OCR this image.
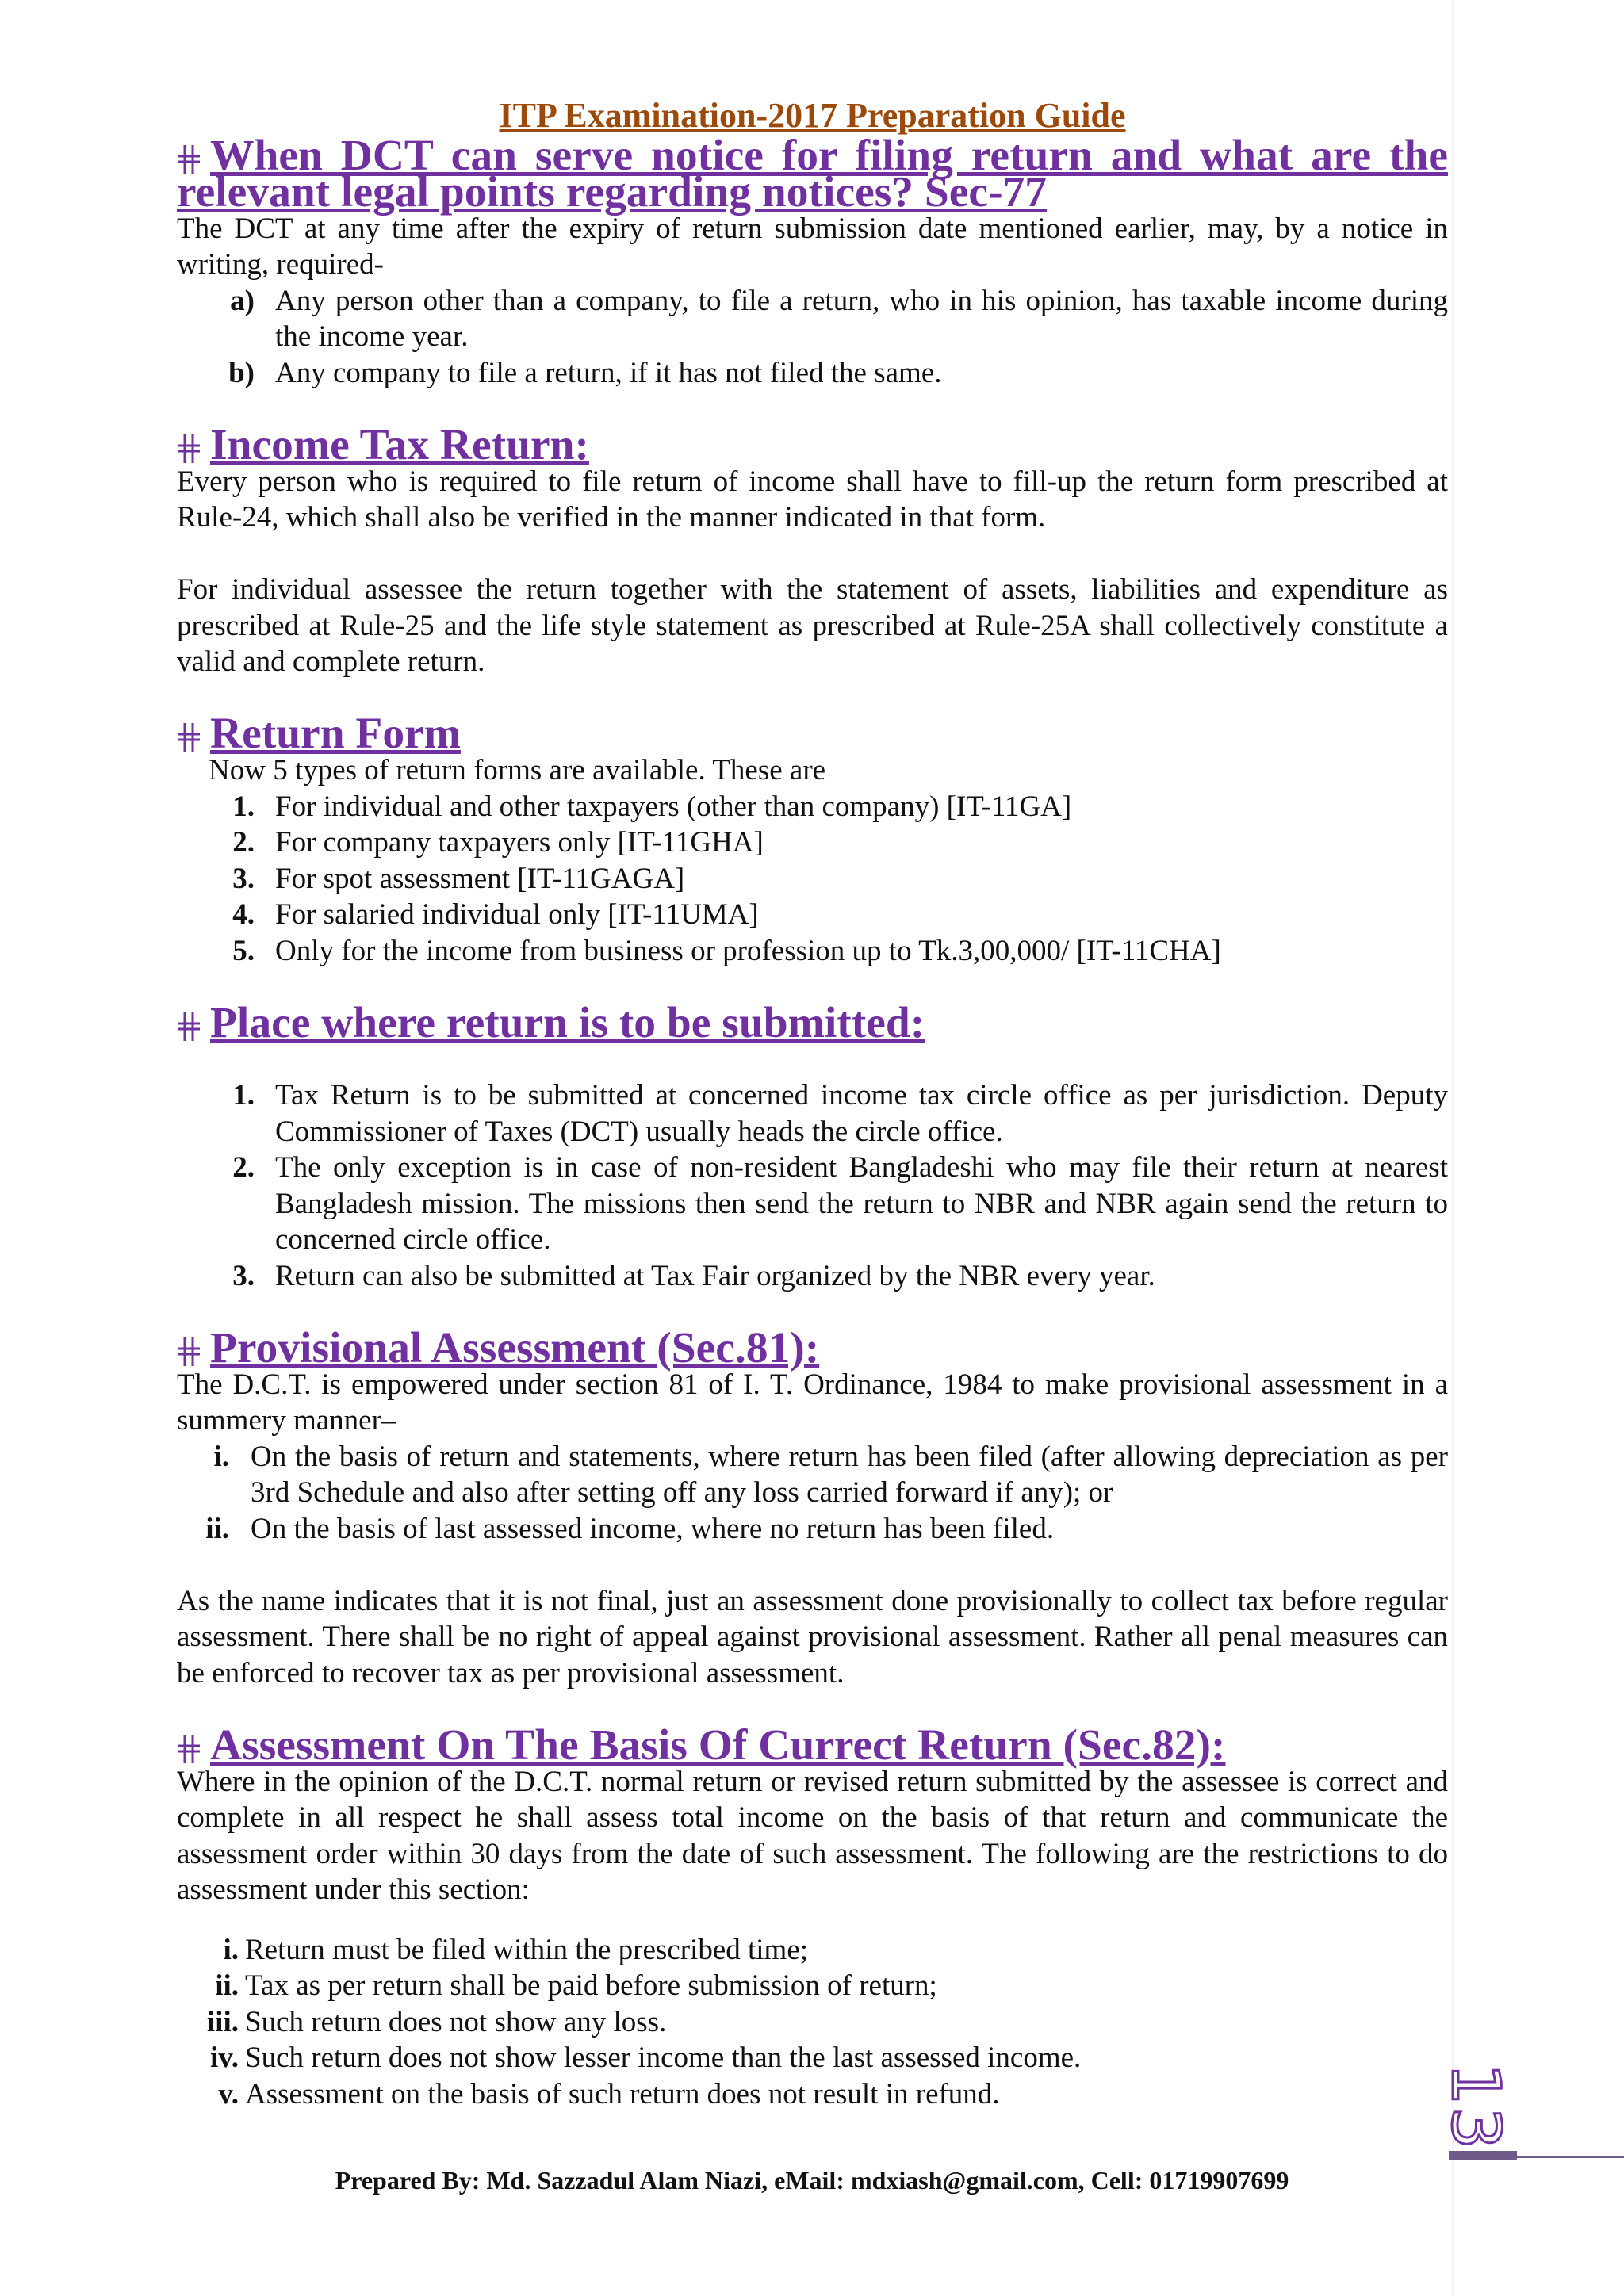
ITP Examination-2017 Preparation Guide
When DCT can serve notice for filing return and what are the relevant legal points regarding notices? Sec-77

The DCT at any time after the expiry of return submission date mentioned earlier, may, by a notice in writing, required-

a) Any person other than a company, to file a return, who in his opinion, has taxable income during the income year.
b) Any company to file a return, if it has not filed the same.
Income Tax Return:

Every person who is required to file return of income shall have to fill-up the return form prescribed at Rule-24, which shall also be verified in the manner indicated in that form.

For individual assessee the return together with the statement of assets, liabilities and expenditure as prescribed at Rule-25 and the life style statement as prescribed at Rule-25A shall collectively constitute a valid and complete return.

Return Form

Now 5 types of return forms are available. These are

1. For individual and other taxpayers (other than company) [IT-11GA]
2. For company taxpayers only [IT-11GHA]
3. For spot assessment [IT-11GAGA]
4. For salaried individual only [IT-11UMA]
5. Only for the income from business or profession up to Tk.3,00,000/ [IT-11CHA]
Place where return is to be submitted:
1. Tax Return is to be submitted at concerned income tax circle office as per jurisdiction. Deputy Commissioner of Taxes (DCT) usually heads the circle office.
2. The only exception is in case of non-resident Bangladeshi who may file their return at nearest Bangladesh mission. The missions then send the return to NBR and NBR again send the return to concerned circle office.
3. Return can also be submitted at Tax Fair organized by the NBR every year.
Provisional Assessment (Sec.81):

The D.C.T. is empowered under section 81 of I. T. Ordinance, 1984 to make provisional assessment in a summery manner–

i. On the basis of return and statements, where return has been filed (after allowing depreciation as per 3rd Schedule and also after setting off any loss carried forward if any); or
ii. On the basis of last assessed income, where no return has been filed.

As the name indicates that it is not final, just an assessment done provisionally to collect tax before regular assessment. There shall be no right of appeal against provisional assessment. Rather all penal measures can be enforced to recover tax as per provisional assessment.

Assessment On The Basis Of Currect Return (Sec.82):

Where in the opinion of the D.C.T. normal return or revised return submitted by the assessee is correct and complete in all respect he shall assess total income on the basis of that return and communicate the assessment order within 30 days from the date of such assessment. The following are the restrictions to do assessment under this section:

i. Return must be filed within the prescribed time;
ii. Tax as per return shall be paid before submission of return;
iii. Such return does not show any loss.
iv. Such return does not show lesser income than the last assessed income.
v. Assessment on the basis of such return does not result in refund.	13
Prepared By: Md. Sazzadul Alam Niazi, eMail: mdxiash@gmail.com, Cell: 01719907699
